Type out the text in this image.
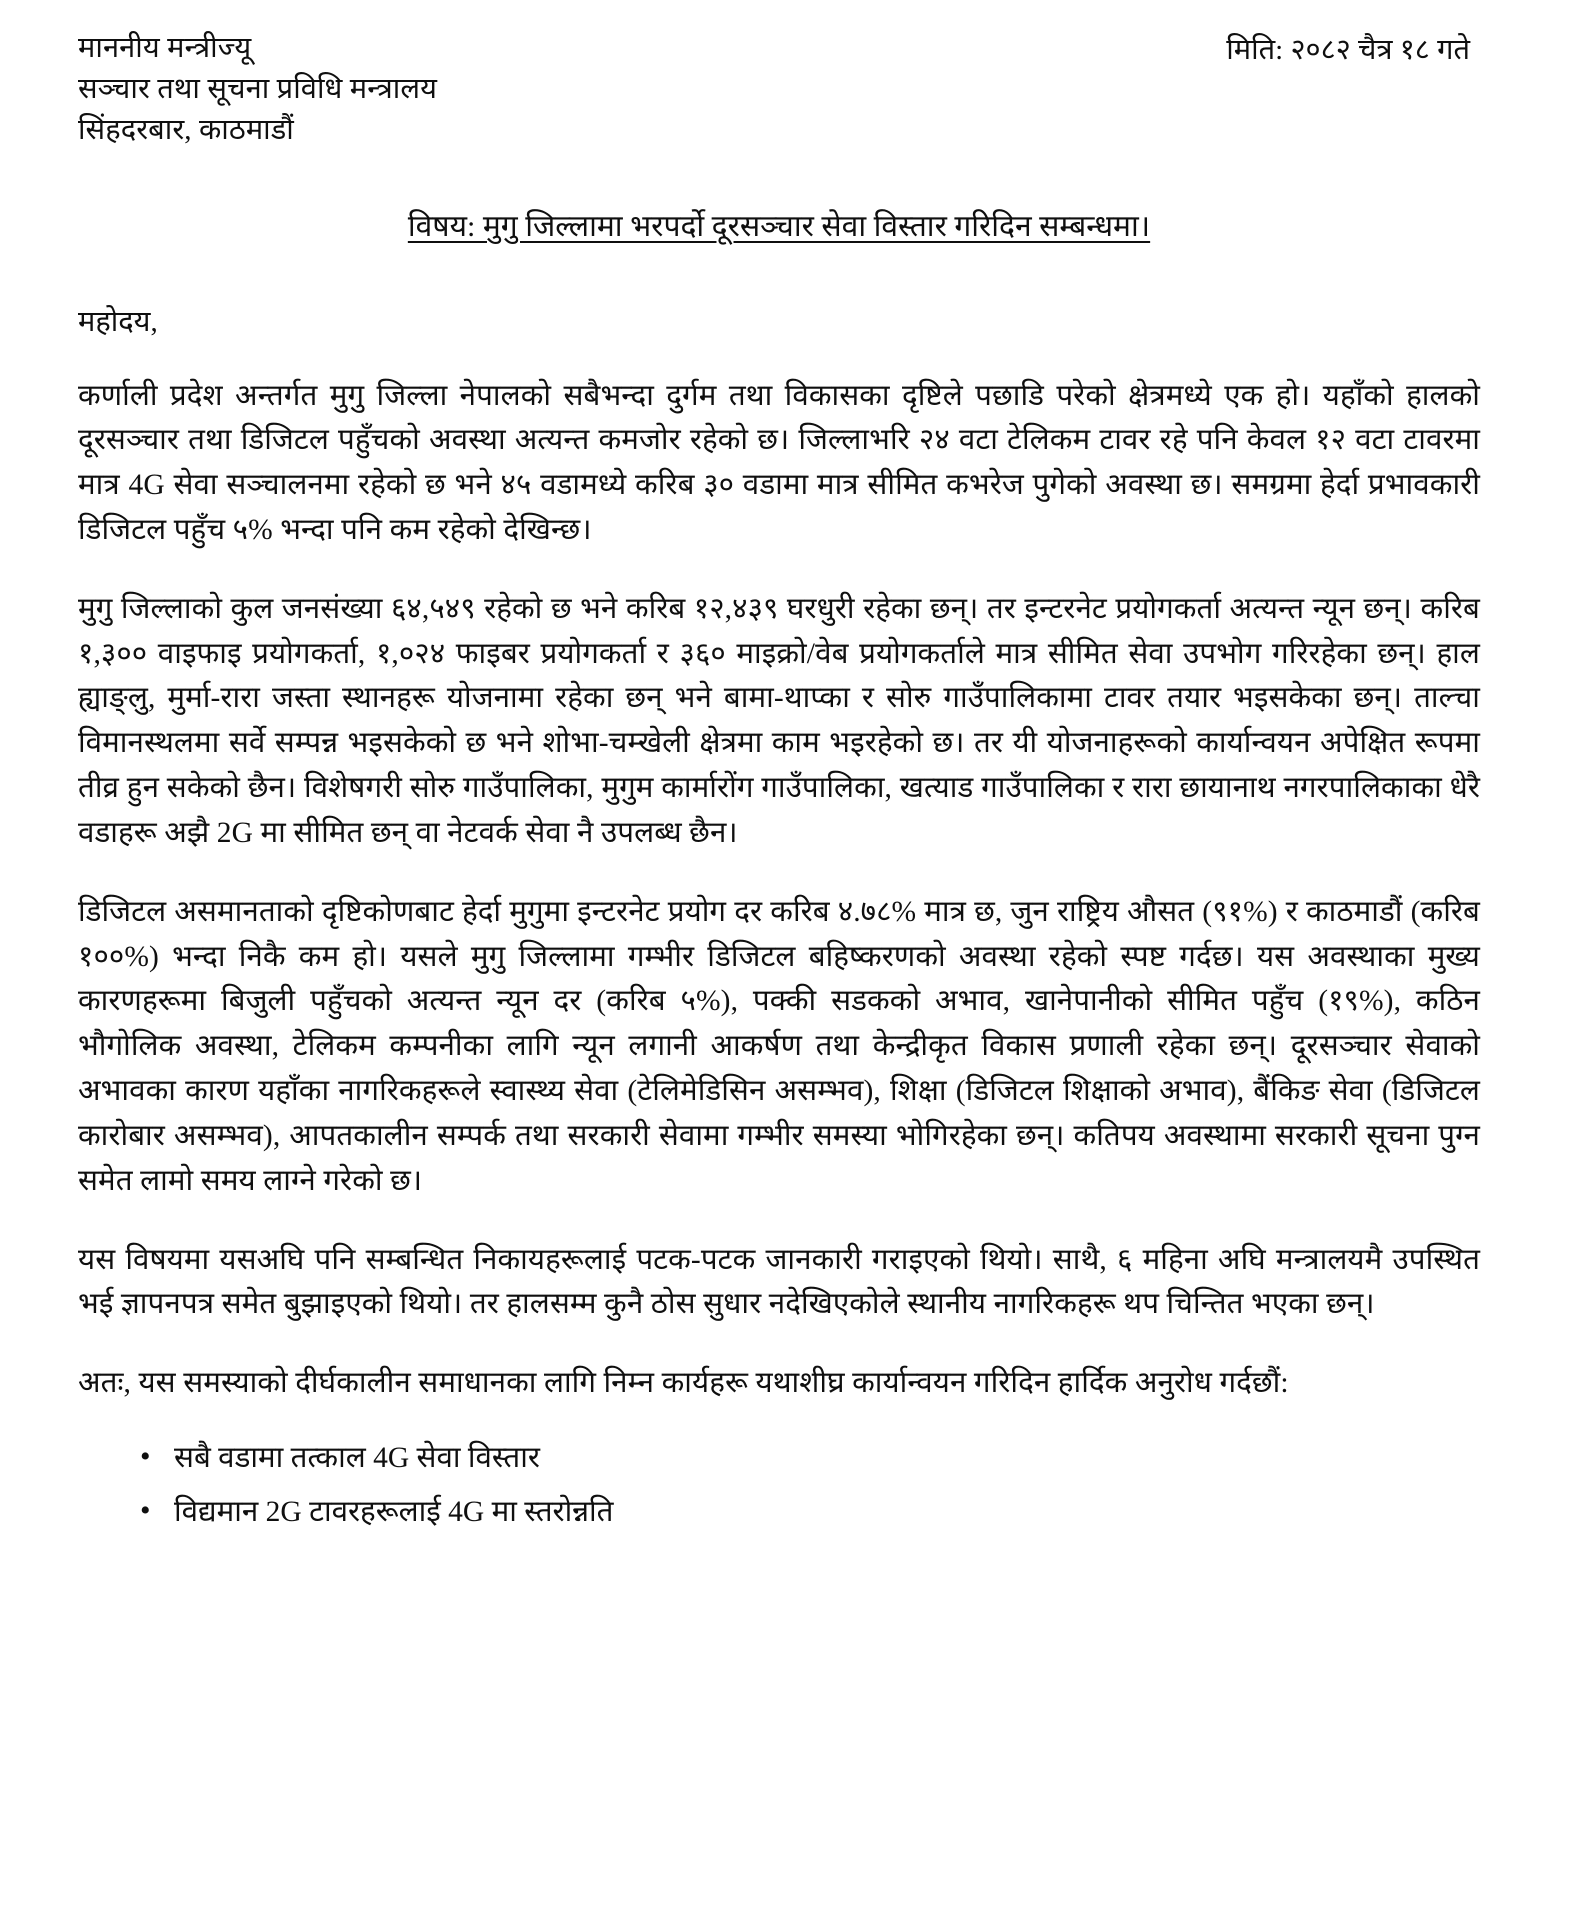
माननीय मन्त्रीज्यू
सञ्चार तथा सूचना प्रविधि मन्त्रालय
सिंहदरबार, काठमाडौं
मिति: २०८२ चैत्र १८ गते
विषय: मुगु जिल्लामा भरपर्दो दूरसञ्चार सेवा विस्तार गरिदिन सम्बन्धमा।
महोदय,
कर्णाली प्रदेश अन्तर्गत मुगु जिल्ला नेपालको सबैभन्दा दुर्गम तथा विकासका दृष्टिले पछाडि परेको क्षेत्रमध्ये एक हो। यहाँको हालको दूरसञ्चार तथा डिजिटल पहुँचको अवस्था अत्यन्त कमजोर रहेको छ। जिल्लाभरि २४ वटा टेलिकम टावर रहे पनि केवल १२ वटा टावरमा मात्र 4G सेवा सञ्चालनमा रहेको छ भने ४५ वडामध्ये करिब ३० वडामा मात्र सीमित कभरेज पुगेको अवस्था छ। समग्रमा हेर्दा प्रभावकारी डिजिटल पहुँच ५% भन्दा पनि कम रहेको देखिन्छ।
मुगु जिल्लाको कुल जनसंख्या ६४,५४९ रहेको छ भने करिब १२,४३९ घरधुरी रहेका छन्। तर इन्टरनेट प्रयोगकर्ता अत्यन्त न्यून छन्। करिब १,३०० वाइफाइ प्रयोगकर्ता, १,०२४ फाइबर प्रयोगकर्ता र ३६० माइक्रो/वेब प्रयोगकर्ताले मात्र सीमित सेवा उपभोग गरिरहेका छन्। हाल ह्याङ्लु, मुर्मा-रारा जस्ता स्थानहरू योजनामा रहेका छन् भने बामा-थाप्का र सोरु गाउँपालिकामा टावर तयार भइसकेका छन्। ताल्चा विमानस्थलमा सर्वे सम्पन्न भइसकेको छ भने शोभा-चम्खेली क्षेत्रमा काम भइरहेको छ। तर यी योजनाहरूको कार्यान्वयन अपेक्षित रूपमा तीव्र हुन सकेको छैन। विशेषगरी सोरु गाउँपालिका, मुगुम कार्मारोंग गाउँपालिका, खत्याड गाउँपालिका र रारा छायानाथ नगरपालिकाका धेरै वडाहरू अझै 2G मा सीमित छन् वा नेटवर्क सेवा नै उपलब्ध छैन।
डिजिटल असमानताको दृष्टिकोणबाट हेर्दा मुगुमा इन्टरनेट प्रयोग दर करिब ४.७८% मात्र छ, जुन राष्ट्रिय औसत (९१%) र काठमाडौं (करिब १००%) भन्दा निकै कम हो। यसले मुगु जिल्लामा गम्भीर डिजिटल बहिष्करणको अवस्था रहेको स्पष्ट गर्दछ। यस अवस्थाका मुख्य कारणहरूमा बिजुली पहुँचको अत्यन्त न्यून दर (करिब ५%), पक्की सडकको अभाव, खानेपानीको सीमित पहुँच (१९%), कठिन भौगोलिक अवस्था, टेलिकम कम्पनीका लागि न्यून लगानी आकर्षण तथा केन्द्रीकृत विकास प्रणाली रहेका छन्। दूरसञ्चार सेवाको अभावका कारण यहाँका नागरिकहरूले स्वास्थ्य सेवा (टेलिमेडिसिन असम्भव), शिक्षा (डिजिटल शिक्षाको अभाव), बैंकिङ सेवा (डिजिटल कारोबार असम्भव), आपतकालीन सम्पर्क तथा सरकारी सेवामा गम्भीर समस्या भोगिरहेका छन्। कतिपय अवस्थामा सरकारी सूचना पुग्न समेत लामो समय लाग्ने गरेको छ।
यस विषयमा यसअघि पनि सम्बन्धित निकायहरूलाई पटक-पटक जानकारी गराइएको थियो। साथै, ६ महिना अघि मन्त्रालयमै उपस्थित भई ज्ञापनपत्र समेत बुझाइएको थियो। तर हालसम्म कुनै ठोस सुधार नदेखिएकोले स्थानीय नागरिकहरू थप चिन्तित भएका छन्।
अतः, यस समस्याको दीर्घकालीन समाधानका लागि निम्न कार्यहरू यथाशीघ्र कार्यान्वयन गरिदिन हार्दिक अनुरोध गर्दछौं:
• सबै वडामा तत्काल 4G सेवा विस्तार
• विद्यमान 2G टावरहरूलाई 4G मा स्तरोन्नति
